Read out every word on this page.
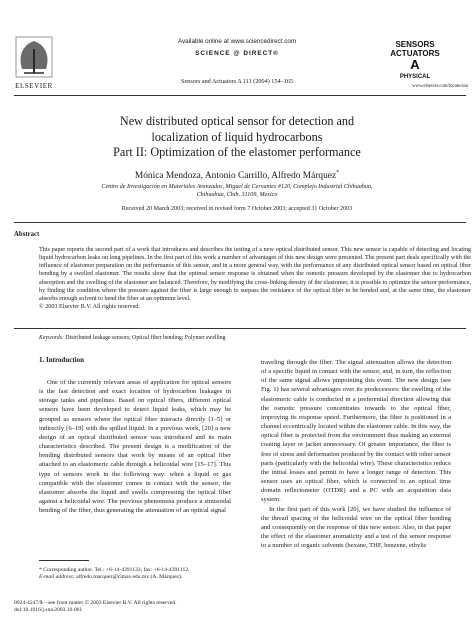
ELSEVIER
Available online at www.sciencedirect.com
SCIENCE @ DIRECT®
Sensors and Actuators A 111 (2004) 154–165
SENSORS
ACTUATORS
A
PHYSICAL
www.elsevier.com/locate/sna
New distributed optical sensor for detection and
localization of liquid hydrocarbons
Part II: Optimization of the elastomer performance
Mónica Mendoza, Antonio Carrillo, Alfredo Márquez*
Centro de Investigación en Materiales Avanzados, Miguel de Cervantes #120, Complejo Industrial Chihuahua,
Chihuahua, Chih. 31109, Mexico
Received 20 March 2003; received in revised form 7 October 2003; accepted 31 October 2003
Abstract

This paper reports the second part of a work that introduces and describes the testing of a new optical distributed sensor. This new sensor is capable of detecting and locating liquid hydrocarbon leaks on long pipelines. In the first part of this work a number of advantages of this new design were presented. The present part deals specifically with the influence of elastomer preparation on the performance of this sensor, and in a more general way, with the performance of any distributed optical sensor based on optical fiber bending by a swelled elastomer. The results show that the optimal sensor response is obtained when the osmotic pressure developed by the elastomer due to hydrocarbon absorption and the swelling of the elastomer are balanced. Therefore, by modifying the cross-linking density of the elastomer, it is possible to optimize the sensor performance, by finding the condition where the pressure against the fiber is large enough to surpass the resistance of the optical fiber to be bended and, at the same time, the elastomer absorbs enough solvent to bend the fiber at an optimum level.

© 2003 Elsevier B.V. All rights reserved.

Keywords: Distributed leakage sensors; Optical fiber bending; Polymer swelling
1. Introduction

One of the currently relevant areas of application for optical sensors is the fast detection and exact location of hydrocarbon leakages in storage tanks and pipelines. Based on optical fibers, different optical sensors have been developed to detect liquid leaks, which may be grouped as sensors where the optical fiber interacts directly [1–5] or indirectly [6–19] with the spilled liquid. In a previous work, [20] a new design of an optical distributed sensor was introduced and its main characteristics described. The present design is a modification of the bending distributed sensors that work by means of an optical fiber attached to an elastomeric cable through a helicoidal wire [15–17]. This type of sensors work in the following way: when a liquid or gas compatible with the elastomer comes in contact with the sensor, the elastomer absorbs the liquid and swells compressing the optical fiber against a helicoidal wire. The previous phenomena produce a sinusoidal bending of the fiber, thus generating the attenuation of an optical signal

traveling through the fiber. The signal attenuation allows the detection of a specific liquid in contact with the sensor, and, in turn, the reflection of the same signal allows pinpointing this event. The new design (see Fig. 1) has several advantages over its predecessors: the swelling of the elastomeric cable is conducted in a preferential direction allowing that the osmotic pressure concentrates towards to the optical fiber, improving its response speed. Furthermore, the fiber is positioned in a channel eccentrically located within the elastomer cable. In this way, the optical fiber is protected from the environment thus making an external coating layer or jacket unnecessary. Of greater importance, the fiber is free of stress and deformation produced by the contact with other sensor parts (particularly with the helicoidal wire). These characteristics reduce the initial losses and permit to have a longer range of detection. This sensor uses an optical fiber, which is connected to an optical time domain reflectometer (OTDR) and a PC with an acquisition data system.

In the first part of this work [20], we have studied the influence of the thread spacing of the helicoidal wire on the optical fiber bending and consequently on the response of this new sensor. Also, in that paper the effect of the elastomer aromaticity and a test of the sensor response to a number of organic solvents (hexane, THF, benzene, ethylic

* Corresponding author. Tel.: +6-14-4391133; fax: +6-14-4391112.
E-mail address: alfredo.marquez@cimav.edu.mx (A. Márquez).
0924-4247/$ – see front matter © 2003 Elsevier B.V. All rights reserved.
doi:10.1016/j.sna.2003.10.061
